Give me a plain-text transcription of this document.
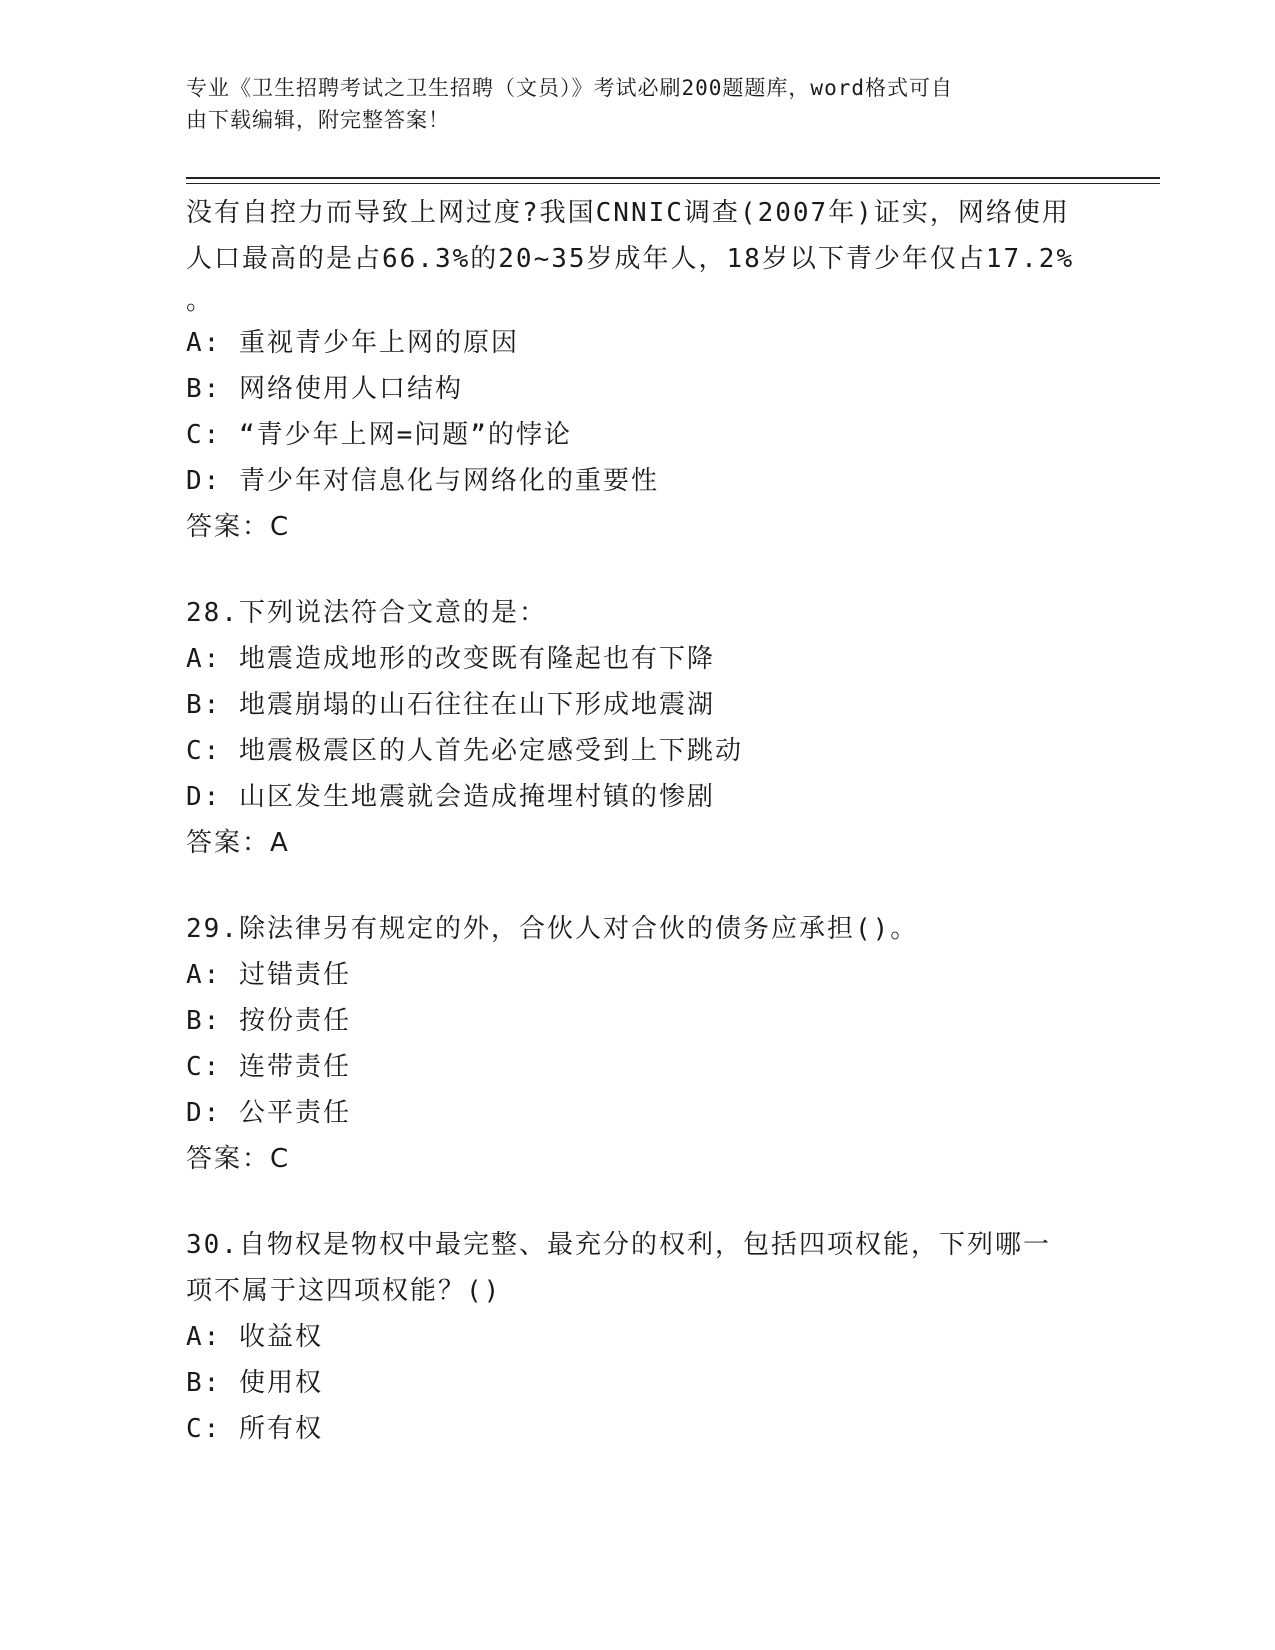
专业《卫生招聘考试之卫生招聘（文员）》考试必刷200题题库，word格式可自
由下载编辑，附完整答案！
没有自控力而导致上网过度?我国CNNIC调查(2007年)证实，网络使用
人口最高的是占66.3%的20~35岁成年人，18岁以下青少年仅占17.2%
。
A: 重视青少年上网的原因
B: 网络使用人口结构
C: “青少年上网=问题”的悖论
D: 青少年对信息化与网络化的重要性
答案：C
28.下列说法符合文意的是：
A: 地震造成地形的改变既有隆起也有下降
B: 地震崩塌的山石往往在山下形成地震湖
C: 地震极震区的人首先必定感受到上下跳动
D: 山区发生地震就会造成掩埋村镇的惨剧
答案：A
29.除法律另有规定的外，合伙人对合伙的债务应承担()。
A: 过错责任
B: 按份责任
C: 连带责任
D: 公平责任
答案：C
30.自物权是物权中最完整、最充分的权利，包括四项权能，下列哪一
项不属于这四项权能？()
A: 收益权
B: 使用权
C: 所有权
